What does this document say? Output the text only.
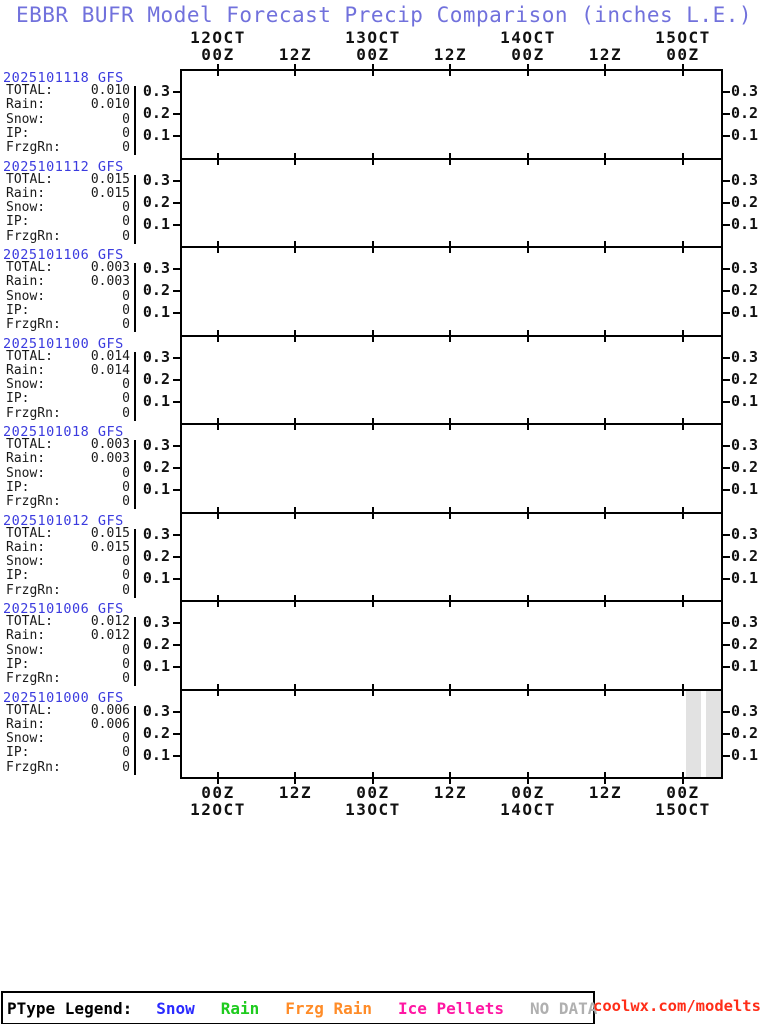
EBBR BUFR Model Forecast Precip Comparison (inches L.E.)
PType Legend: Snow Rain Frzg Rain Ice Pellets NO DATA
coolwx.com/modelts
0.3	0.3
0.2	0.2
0.1	0.1
0.3	0.3
0.2	0.2
0.1	0.1
0.3	0.3
0.2	0.2
0.1	0.1
0.3	0.3
0.2	0.2
0.1	0.1
0.3	0.3
0.2	0.2
0.1	0.1
0.3	0.3
0.2	0.2
0.1	0.1
0.3	0.3
0.2	0.2
0.1	0.1
0.3	0.3
0.2	0.2
0.1	0.1
2025101118 GFS
TOTAL:	0.010
Rain:	0.010
Snow:	0
IP:	0
FrzgRn:	0
2025101112 GFS
TOTAL:	0.015
Rain:	0.015
Snow:	0
IP:	0
FrzgRn:	0
2025101106 GFS
TOTAL:	0.003
Rain:	0.003
Snow:	0
IP:	0
FrzgRn:	0
2025101100 GFS
TOTAL:	0.014
Rain:	0.014
Snow:	0
IP:	0
FrzgRn:	0
2025101018 GFS
TOTAL:	0.003
Rain:	0.003
Snow:	0
IP:	0
FrzgRn:	0
2025101012 GFS
TOTAL:	0.015
Rain:	0.015
Snow:	0
IP:	0
FrzgRn:	0
2025101006 GFS
TOTAL:	0.012
Rain:	0.012
Snow:	0
IP:	0
FrzgRn:	0
2025101000 GFS
TOTAL:	0.006
Rain:	0.006
Snow:	0
IP:	0
FrzgRn:	0
00Z
00Z
12Z
12Z
00Z
00Z
12Z
12Z
00Z
00Z
12Z
12Z
00Z
00Z
12OCT
12OCT
13OCT
13OCT
14OCT
14OCT
15OCT
15OCT
